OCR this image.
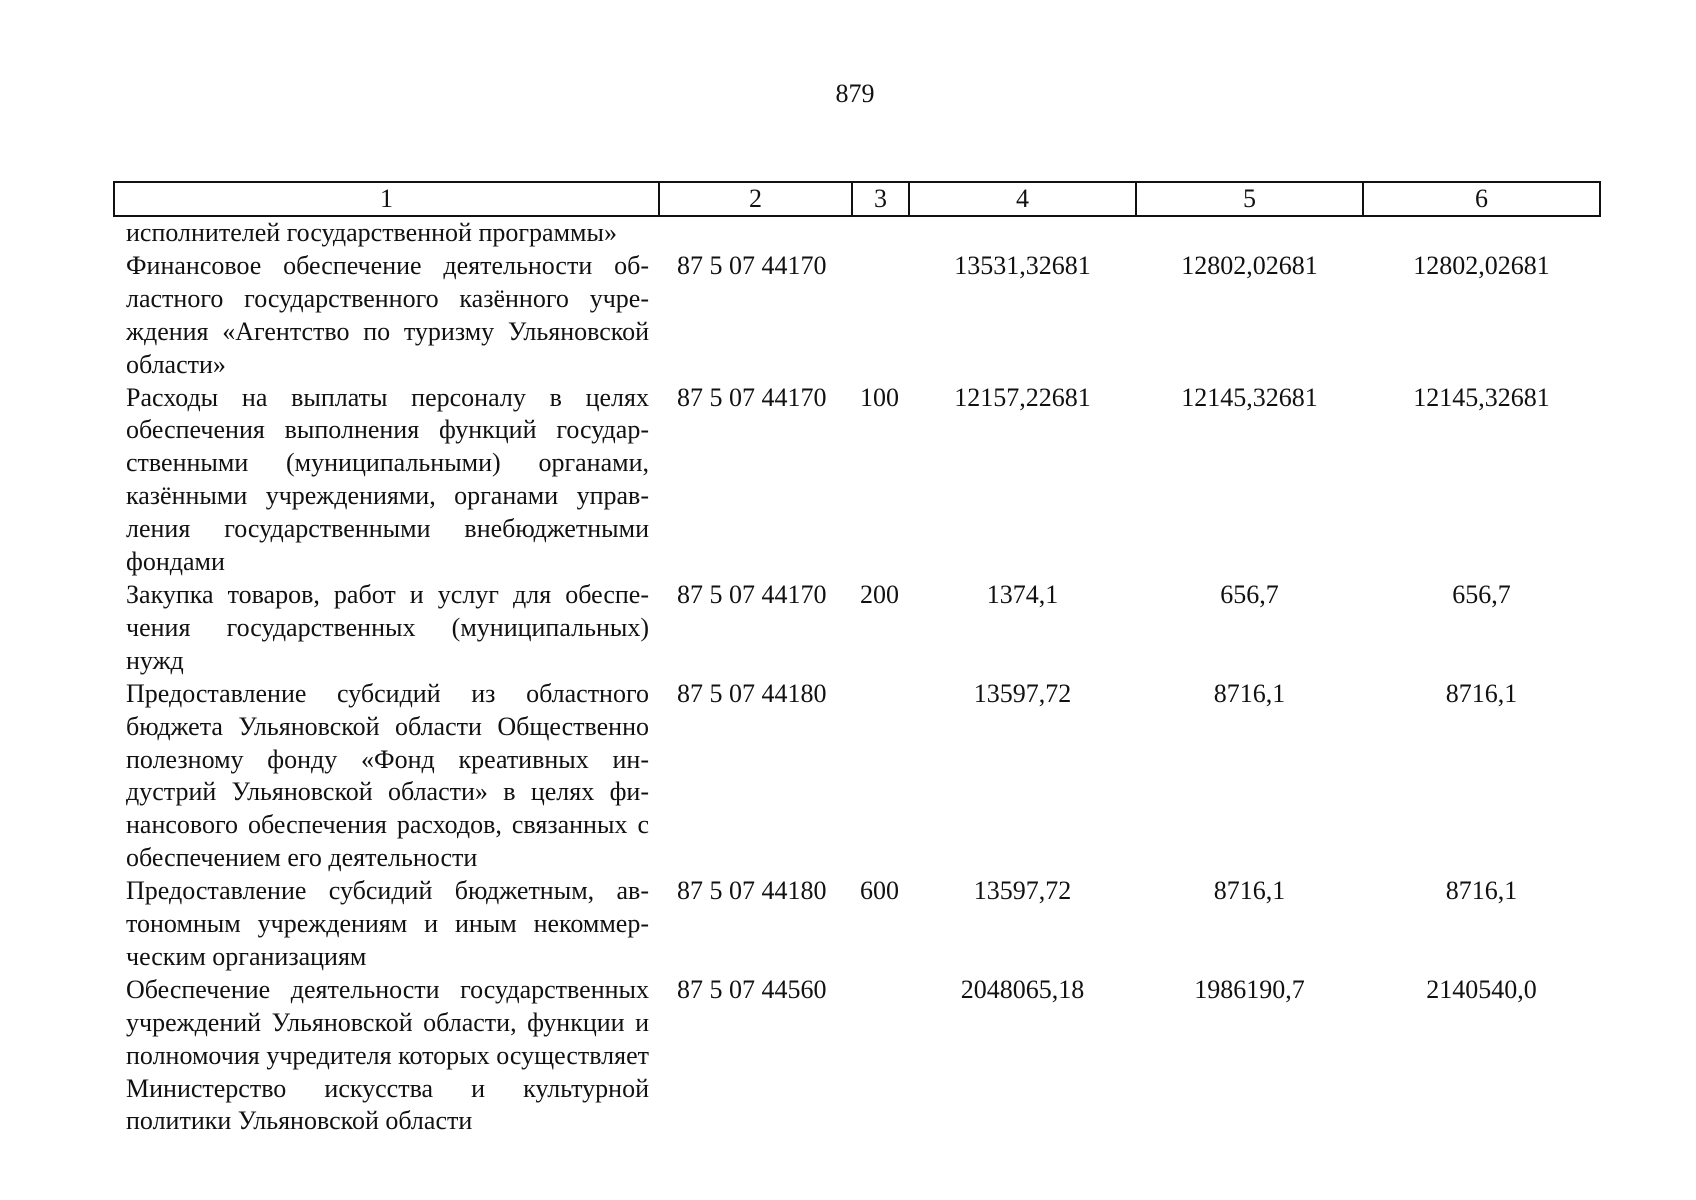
879
1	2	3	4	5	6
исполнителей государственной программы»					
Финансовое обеспечение деятельности областного государственного казённого учреждения «Агентство по туризму Ульяновской области»	87 5 07 44170		13531,32681	12802,02681	12802,02681
Расходы на выплаты персоналу в целях обеспечения выполнения функций государственными (муниципальными) органами, казёнными учреждениями, органами управления государственными внебюджетными фондами	87 5 07 44170	100	12157,22681	12145,32681	12145,32681
Закупка товаров, работ и услуг для обеспечения государственных (муниципальных) нужд	87 5 07 44170	200	1374,1	656,7	656,7
Предоставление субсидий из областного бюджета Ульяновской области Общественно полезному фонду «Фонд креативных индустрий Ульяновской области» в целях финансового обеспечения расходов, связанных с обеспечением его деятельности	87 5 07 44180		13597,72	8716,1	8716,1
Предоставление субсидий бюджетным, автономным учреждениям и иным некоммерческим организациям	87 5 07 44180	600	13597,72	8716,1	8716,1
Обеспечение деятельности государственных учреждений Ульяновской области, функции и полномочия учредителя которых осуществляет Министерство искусства и культурной политики Ульяновской области	87 5 07 44560		2048065,18	1986190,7	2140540,0
